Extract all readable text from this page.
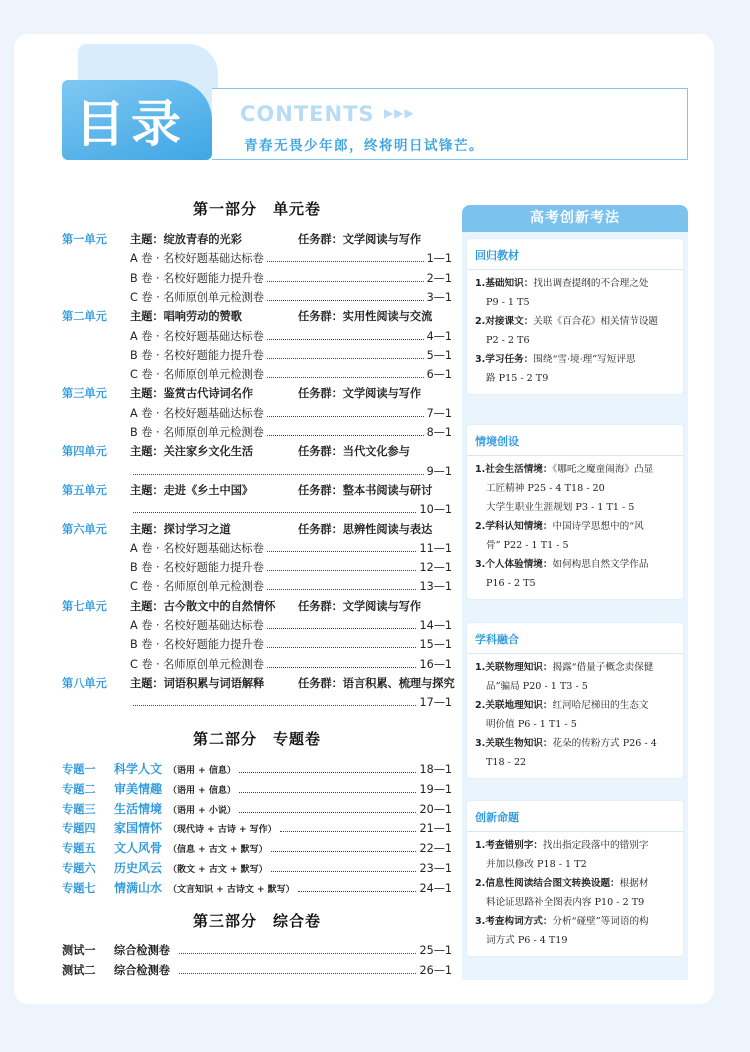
目录	CONTENTS ▶▶▶
青春无畏少年郎，终将明日试锋芒。
第一部分 单元卷
第一单元 主题：绽放青春的光彩	任务群：文学阅读与写作
A 卷 · 名校好题基础达标卷	1—1
B 卷 · 名校好题能力提升卷	2—1
C 卷 · 名师原创单元检测卷	3—1
第二单元 主题：唱响劳动的赞歌	任务群：实用性阅读与交流
A 卷 · 名校好题基础达标卷	4—1
B 卷 · 名校好题能力提升卷	5—1
C 卷 · 名师原创单元检测卷	6—1
第三单元 主题：鉴赏古代诗词名作	任务群：文学阅读与写作
A 卷 · 名校好题基础达标卷	7—1
B 卷 · 名师原创单元检测卷	8—1
第四单元 主题：关注家乡文化生活	任务群：当代文化参与
9—1
第五单元 主题：走进《乡土中国》	任务群：整本书阅读与研讨
10—1
第六单元 主题：探讨学习之道	任务群：思辨性阅读与表达
A 卷 · 名校好题基础达标卷	11—1
B 卷 · 名校好题能力提升卷	12—1
C 卷 · 名师原创单元检测卷	13—1
第七单元 主题：古今散文中的自然情怀 任务群：文学阅读与写作
A 卷 · 名校好题基础达标卷	14—1
B 卷 · 名校好题能力提升卷	15—1
C 卷 · 名师原创单元检测卷	16—1
第八单元 主题：词语积累与词语解释	任务群：语言积累、梳理与探究
17—1
第二部分 专题卷
专题一	科学人文 （语用 + 信息）	18—1
专题二	审美情趣 （语用 + 信息）	19—1
专题三	生活情境 （语用 + 小说）	20—1
专题四	家国情怀 （现代诗 + 古诗 + 写作）	21—1
专题五	文人风骨 （信息 + 古文 + 默写）	22—1
专题六	历史风云 （散文 + 古文 + 默写）	23—1
专题七	情满山水 （文言知识 + 古诗文 + 默写）	24—1
第三部分 综合卷
测试一	综合检测卷	25—1
测试二	综合检测卷	26—1
高考创新考法
回归教材
1.基础知识：找出调查提纲的不合理之处
P9 - 1 T5
2.对接课文：关联《百合花》相关情节设题
P2 - 2 T6
3.学习任务：围绕“雪·境·理”写短评思
路 P15 - 2 T9
情境创设
1.社会生活情境：《哪吒之魔童闹海》凸显
工匠精神 P25 - 4 T18 - 20
大学生职业生涯规划 P3 - 1 T1 - 5
2.学科认知情境：中国诗学思想中的“风
骨” P22 - 1 T1 - 5
3.个人体验情境：如何构思自然文学作品
P16 - 2 T5
学科融合
1.关联物理知识：揭露“借量子概念卖保健
品”骗局 P20 - 1 T3 - 5
2.关联地理知识：红河哈尼梯田的生态文
明价值 P6 - 1 T1 - 5
3.关联生物知识：花朵的传粉方式 P26 - 4
T18 - 22
创新命题
1.考查错别字：找出指定段落中的错别字
并加以修改 P18 - 1 T2
2.信息性阅读结合图文转换设题：根据材
料论证思路补全图表内容 P10 - 2 T9
3.考查构词方式：分析“碰壁”等词语的构
词方式 P6 - 4 T19
